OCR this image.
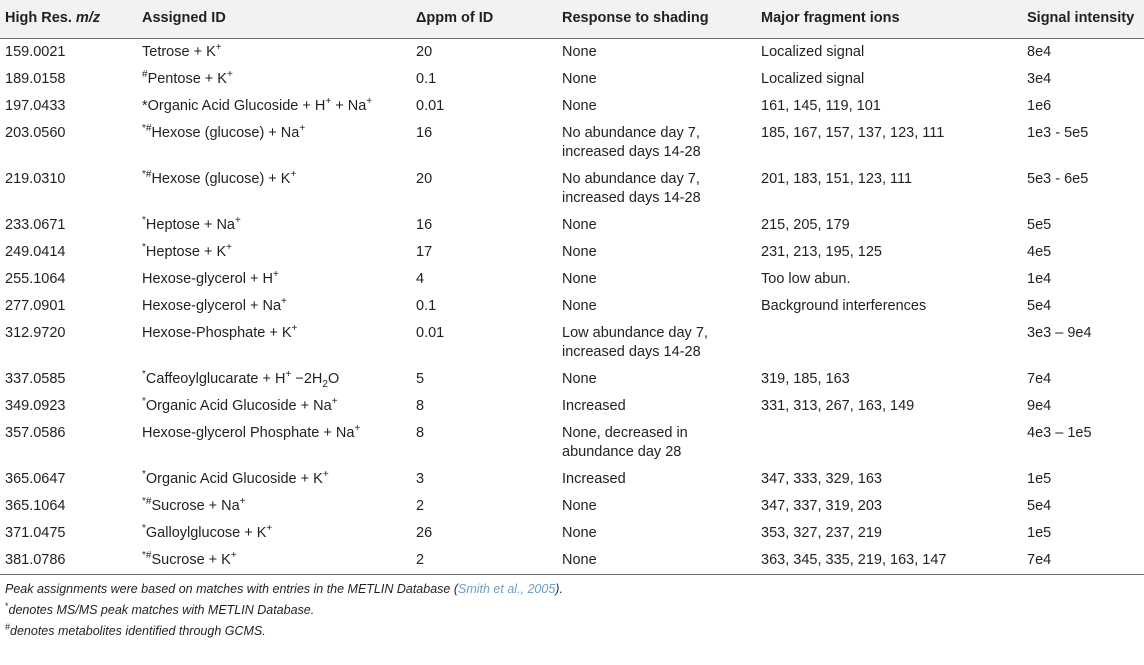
High Res. m/z	Assigned ID	Δppm of ID	Response to shading	Major fragment ions	Signal intensity
159.0021	Tetrose + K+	20	None	Localized signal	8e4
189.0158	#Pentose + K+	0.1	None	Localized signal	3e4
197.0433	*Organic Acid Glucoside + H+ + Na+	0.01	None	161, 145, 119, 101	1e6
203.0560	*#Hexose (glucose) + Na+	16	No abundance day 7,
increased days 14-28	185, 167, 157, 137, 123, 111	1e3 - 5e5
219.0310	*#Hexose (glucose) + K+	20	No abundance day 7,
increased days 14-28	201, 183, 151, 123, 111	5e3 - 6e5
233.0671	*Heptose + Na+	16	None	215, 205, 179	5e5
249.0414	*Heptose + K+	17	None	231, 213, 195, 125	4e5
255.1064	Hexose-glycerol + H+	4	None	Too low abun.	1e4
277.0901	Hexose-glycerol + Na+	0.1	None	Background interferences	5e4
312.9720	Hexose-Phosphate + K+	0.01	Low abundance day 7,
increased days 14-28		3e3 – 9e4
337.0585	*Caffeoylglucarate + $H^+ -2H_2O$	5	None	319, 185, 163	7e4
349.0923	*Organic Acid Glucoside + Na+	8	Increased	331, 313, 267, 163, 149	9e4
357.0586	Hexose-glycerol Phosphate + Na+	8	None, decreased in
abundance day 28		4e3 – 1e5
365.0647	*Organic Acid Glucoside + K+	3	Increased	347, 333, 329, 163	1e5
365.1064	*#Sucrose + Na+	2	None	347, 337, 319, 203	5e4
371.0475	*Galloylglucose + K+	26	None	353, 327, 237, 219	1e5
381.0786	*#Sucrose + K+	2	None	363, 345, 335, 219, 163, 147	7e4
Peak assignments were based on matches with entries in the METLIN Database (Smith et al., 2005).
*denotes MS/MS peak matches with METLIN Database.
#denotes metabolites identified through GCMS.
